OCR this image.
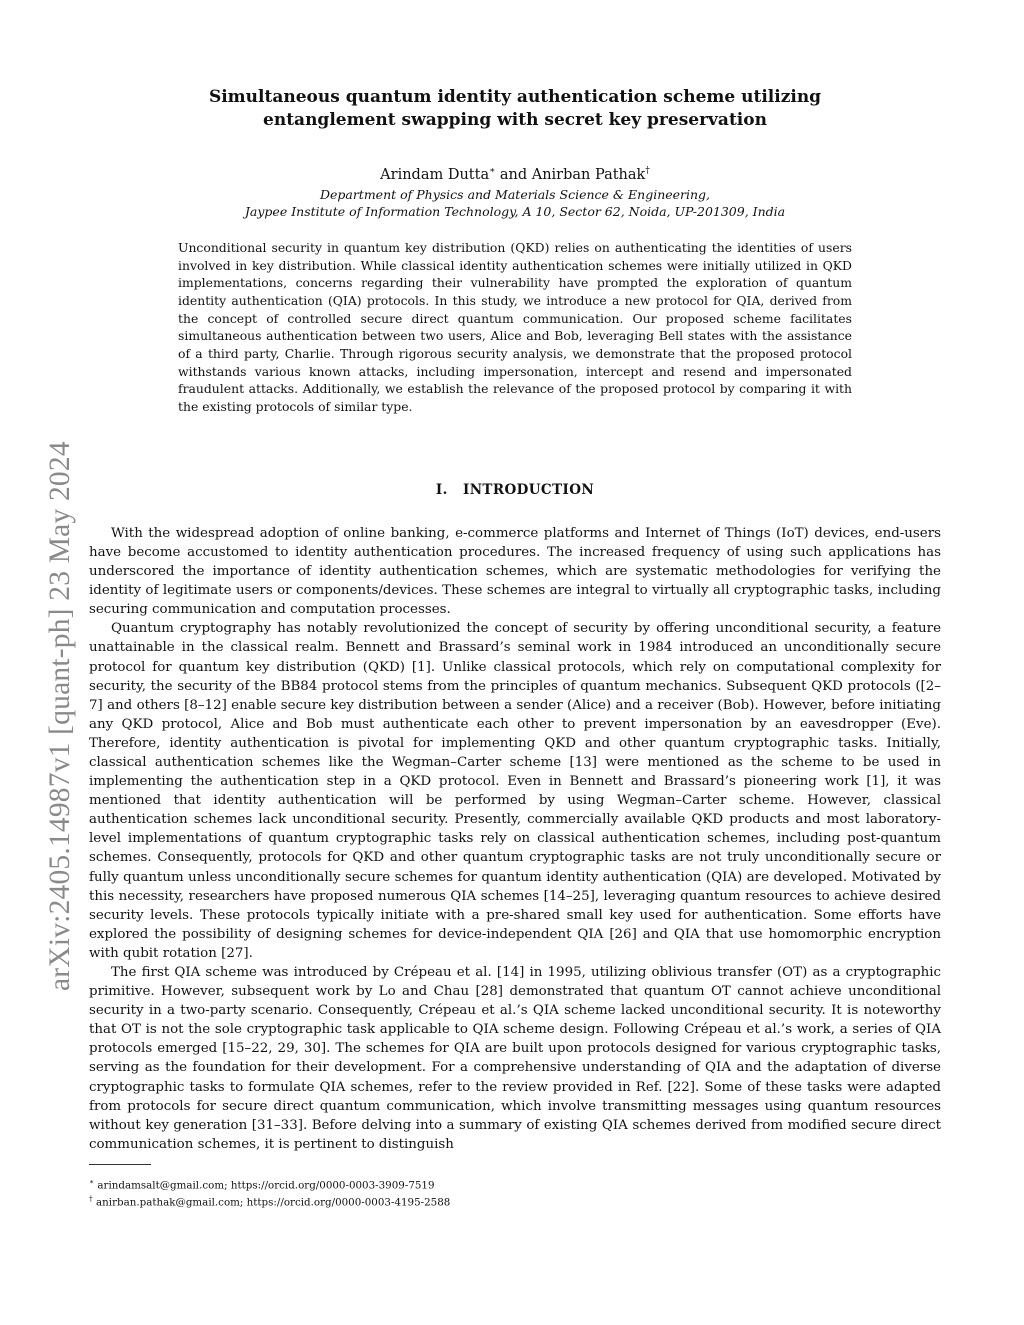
arXiv:2405.14987v1 [quant-ph] 23 May 2024
Simultaneous quantum identity authentication scheme utilizing entanglement swapping with secret key preservation
Arindam Dutta∗ and Anirban Pathak†
Department of Physics and Materials Science & Engineering,
Jaypee Institute of Information Technology, A 10, Sector 62, Noida, UP-201309, India
Unconditional security in quantum key distribution (QKD) relies on authenticating the identities of users involved in key distribution. While classical identity authentication schemes were initially utilized in QKD implementations, concerns regarding their vulnerability have prompted the exploration of quantum identity authentication (QIA) protocols. In this study, we introduce a new protocol for QIA, derived from the concept of controlled secure direct quantum communication. Our proposed scheme facilitates simultaneous authentication between two users, Alice and Bob, leveraging Bell states with the assistance of a third party, Charlie. Through rigorous security analysis, we demonstrate that the proposed protocol withstands various known attacks, including impersonation, intercept and resend and impersonated fraudulent attacks. Additionally, we establish the relevance of the proposed protocol by comparing it with the existing protocols of similar type.
I.   INTRODUCTION

With the widespread adoption of online banking, e-commerce platforms and Internet of Things (IoT) devices, end-users have become accustomed to identity authentication procedures. The increased frequency of using such applications has underscored the importance of identity authentication schemes, which are systematic methodologies for verifying the identity of legitimate users or components/devices. These schemes are integral to virtually all cryptographic tasks, including securing communication and computation processes.

Quantum cryptography has notably revolutionized the concept of security by offering unconditional security, a feature unattainable in the classical realm. Bennett and Brassard’s seminal work in 1984 introduced an unconditionally secure protocol for quantum key distribution (QKD) [1]. Unlike classical protocols, which rely on computational complexity for security, the security of the BB84 protocol stems from the principles of quantum mechanics. Subsequent QKD protocols ([2–7] and others [8–12] enable secure key distribution between a sender (Alice) and a receiver (Bob). However, before initiating any QKD protocol, Alice and Bob must authenticate each other to prevent impersonation by an eavesdropper (Eve). Therefore, identity authentication is pivotal for implementing QKD and other quantum cryptographic tasks. Initially, classical authentication schemes like the Wegman–Carter scheme [13] were mentioned as the scheme to be used in implementing the authentication step in a QKD protocol. Even in Bennett and Brassard’s pioneering work [1], it was mentioned that identity authentication will be performed by using Wegman–Carter scheme. However, classical authentication schemes lack unconditional security. Presently, commercially available QKD products and most laboratory-level implementations of quantum cryptographic tasks rely on classical authentication schemes, including post-quantum schemes. Consequently, protocols for QKD and other quantum cryptographic tasks are not truly unconditionally secure or fully quantum unless unconditionally secure schemes for quantum identity authentication (QIA) are developed. Motivated by this necessity, researchers have proposed numerous QIA schemes [14–25], leveraging quantum resources to achieve desired security levels. These protocols typically initiate with a pre-shared small key used for authentication. Some efforts have explored the possibility of designing schemes for device-independent QIA [26] and QIA that use homomorphic encryption with qubit rotation [27].

The first QIA scheme was introduced by Crépeau et al. [14] in 1995, utilizing oblivious transfer (OT) as a cryptographic primitive. However, subsequent work by Lo and Chau [28] demonstrated that quantum OT cannot achieve unconditional security in a two-party scenario. Consequently, Crépeau et al.’s QIA scheme lacked unconditional security. It is noteworthy that OT is not the sole cryptographic task applicable to QIA scheme design. Following Crépeau et al.’s work, a series of QIA protocols emerged [15–22, 29, 30]. The schemes for QIA are built upon protocols designed for various cryptographic tasks, serving as the foundation for their development. For a comprehensive understanding of QIA and the adaptation of diverse cryptographic tasks to formulate QIA schemes, refer to the review provided in Ref. [22]. Some of these tasks were adapted from protocols for secure direct quantum communication, which involve transmitting messages using quantum resources without key generation [31–33]. Before delving into a summary of existing QIA schemes derived from modified secure direct communication schemes, it is pertinent to distinguish

∗ arindamsalt@gmail.com; https://orcid.org/0000-0003-3909-7519

† anirban.pathak@gmail.com; https://orcid.org/0000-0003-4195-2588
